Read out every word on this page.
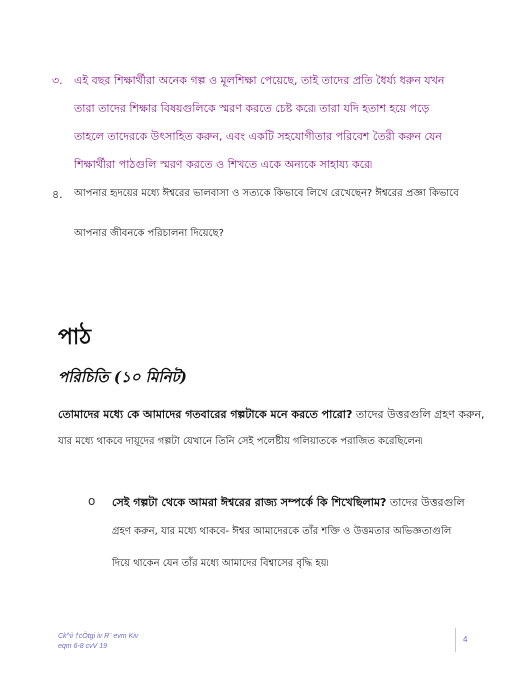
৩. এই বছর শিক্ষার্থীরা অনেক গল্প ও মূলশিক্ষা পেয়েছে, তাই তাদের প্রতি ধৈর্য্য ধরুন যখন
তারা তাদের শিক্ষার বিষয়গুলিকে স্মরণ করতে চেষ্ট করে৷ তারা যদি হতাশ হয়ে পড়ে
তাহলে তাদেরকে উৎসাহিত করুন, এবং একটি সহযোগীতার পরিবেশ তৈরী করুন যেন
শিক্ষার্থীরা পাঠগুলি স্মরণ করতে ও শিখতে একে অন্যকে সাহায্য করে৷
৪. আপনার হৃদয়ের মধ্যে ঈশ্বরের ভালবাসা ও সত্যকে কিভাবে লিখে রেখেছেন? ঈশ্বরের প্রজ্ঞা কিভাবে
আপনার জীবনকে পরিচালনা দিয়েছে?
পাঠ
পরিচিতি (১০ মিনিট)
তোমাদের মধ্যে কে আমাদের গতবারের গল্পটাকে মনে করতে পারো? তাদের উত্তরগুলি গ্রহণ করুন,
যার মধ্যে থাকবে দায়ূদের গল্পটা যেখানে তিনি সেই পলেষ্টীয় গলিয়াতকে পরাজিত করেছিলেন৷
o সেই গল্পটা থেকে আমরা ঈশ্বরের রাজ্য সম্পর্কে কি শিখেছিলাম? তাদের উত্তরগুলি
গ্রহণ করুন, যার মধ্যে থাকবে- ঈশ্বর আমাদেরকে তাঁর শক্তি ও উত্তমতার অভিজ্ঞতাগুলি
দিয়ে থাকেন যেন তাঁর মধ্যে আমাদের বিশ্বাসের বৃদ্ধি হয়৷
Ck^ii †cÖtgi iv R¨ evm Kiv
eqm 6-8 cvV 19
4
